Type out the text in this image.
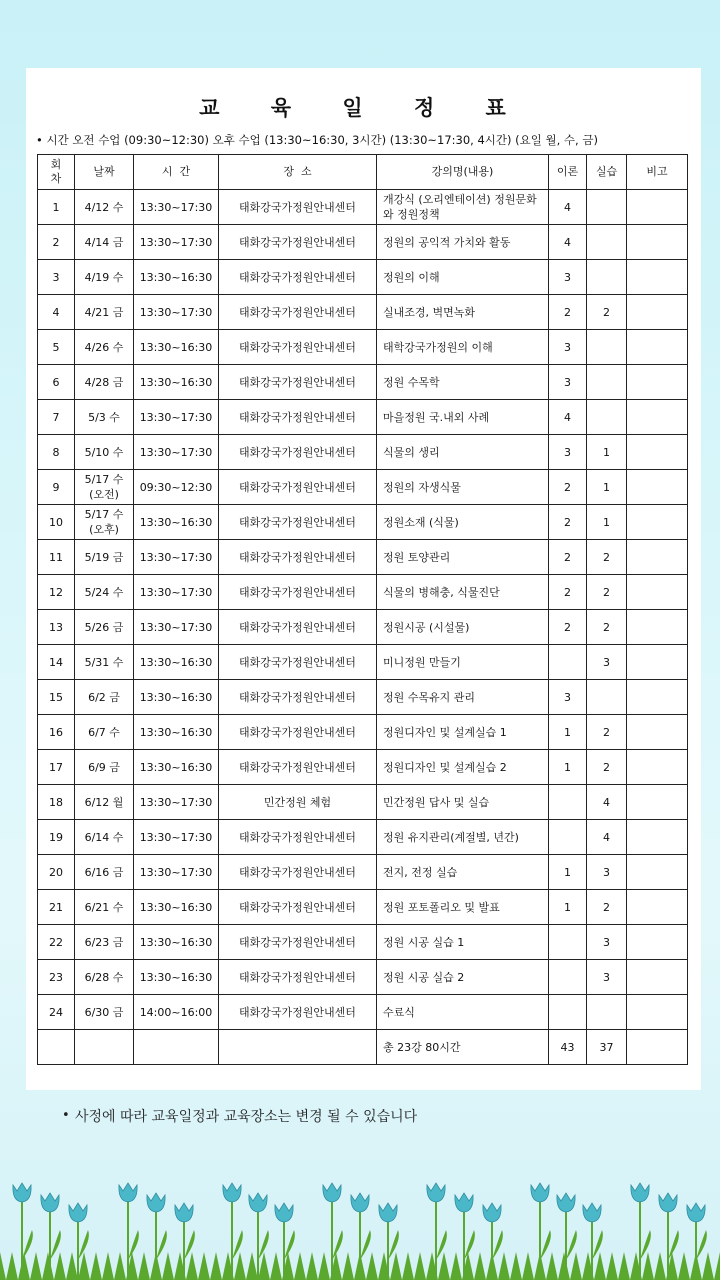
교 육 일 정 표
• 시간 오전 수업 (09:30~12:30) 오후 수업 (13:30~16:30, 3시간) (13:30~17:30, 4시간) (요일 월, 수, 금)
회차	날짜	시  간	장  소	강의명(내용)	이론	실습	비고
1	4/12 수	13:30~17:30	태화강국가정원안내센터	개강식 (오리엔테이션) 정원문화와 정원정책	4		
2	4/14 금	13:30~17:30	태화강국가정원안내센터	정원의 공익적 가치와 활동	4		
3	4/19 수	13:30~16:30	태화강국가정원안내센터	정원의 이해	3		
4	4/21 금	13:30~17:30	태화강국가정원안내센터	실내조경, 벽면녹화	2	2	
5	4/26 수	13:30~16:30	태화강국가정원안내센터	태학강국가정원의 이해	3		
6	4/28 금	13:30~16:30	태화강국가정원안내센터	정원 수목학	3		
7	5/3 수	13:30~17:30	태화강국가정원안내센터	마을정원 국.내외 사례	4		
8	5/10 수	13:30~17:30	태화강국가정원안내센터	식물의 생리	3	1	
9	5/17 수 (오전)	09:30~12:30	태화강국가정원안내센터	정원의 자생식물	2	1	
10	5/17 수 (오후)	13:30~16:30	태화강국가정원안내센터	정원소재 (식물)	2	1	
11	5/19 금	13:30~17:30	태화강국가정원안내센터	정원 토양관리	2	2	
12	5/24 수	13:30~17:30	태화강국가정원안내센터	식물의 병해충, 식물진단	2	2	
13	5/26 금	13:30~17:30	태화강국가정원안내센터	정원시공 (시설물)	2	2	
14	5/31 수	13:30~16:30	태화강국가정원안내센터	미니정원 만들기		3	
15	6/2 금	13:30~16:30	태화강국가정원안내센터	정원 수목유지 관리	3		
16	6/7 수	13:30~16:30	태화강국가정원안내센터	정원디자인 및 설계실습 1	1	2	
17	6/9 금	13:30~16:30	태화강국가정원안내센터	정원디자인 및 설계실습 2	1	2	
18	6/12 월	13:30~17:30	민간정원 체험	민간정원 답사 및 실습		4	
19	6/14 수	13:30~17:30	태화강국가정원안내센터	정원 유지관리(계절별, 년간)		4	
20	6/16 금	13:30~17:30	태화강국가정원안내센터	전지, 전정 실습	1	3	
21	6/21 수	13:30~16:30	태화강국가정원안내센터	정원 포토폴리오 및 발표	1	2	
22	6/23 금	13:30~16:30	태화강국가정원안내센터	정원 시공 실습 1		3	
23	6/28 수	13:30~16:30	태화강국가정원안내센터	정원 시공 실습 2		3	
24	6/30 금	14:00~16:00	태화강국가정원안내센터	수료식			
				총 23강 80시간	43	37	
• 사정에 따라 교육일정과 교육장소는 변경 될 수 있습니다
